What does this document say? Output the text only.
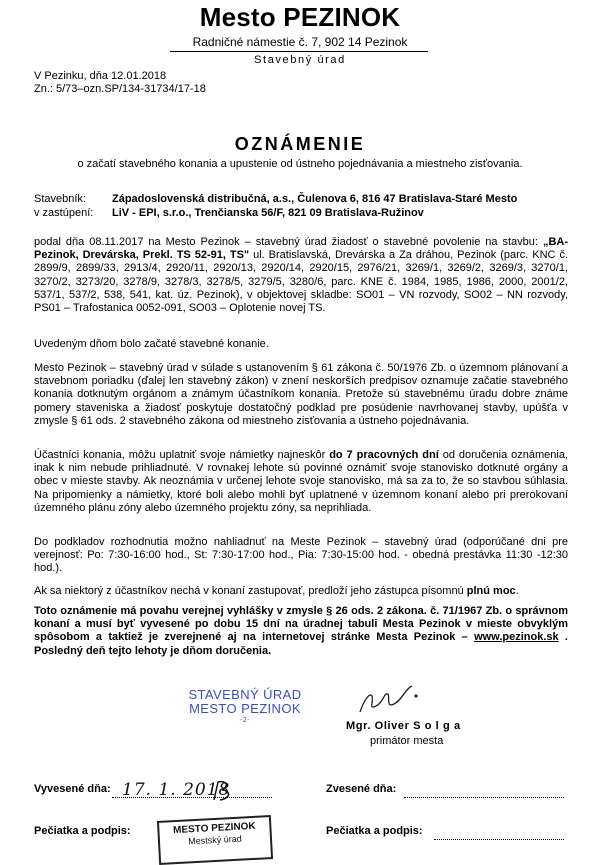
Mesto PEZINOK
Radničné námestie č. 7, 902 14 Pezinok
Stavebný úrad
V Pezinku, dňa 12.01.2018
Zn.: 5/73–ozn.SP/134-31734/17-18
OZNÁMENIE
o začatí stavebného konania a upustenie od ústneho pojednávania a miestneho zisťovania.
Stavebník: Západoslovenská distribučná, a.s., Čulenova 6, 816 47 Bratislava-Staré Mesto
v zastúpení: LiV - EPI, s.r.o., Trenčianska 56/F, 821 09 Bratislava-Ružinov

podal dňa 08.11.2017 na Mesto Pezinok – stavebný úrad žiadosť o stavebné povolenie na stavbu: „BA-Pezinok, Drevárska, Prekl. TS 52-91, TS" ul. Bratislavská, Drevárska a Za dráhou, Pezinok (parc. KNC č. 2899/9, 2899/33, 2913/4, 2920/11, 2920/13, 2920/14, 2920/15, 2976/21, 3269/1, 3269/2, 3269/3, 3270/1, 3270/2, 3273/20, 3278/9, 3278/3, 3278/5, 3279/5, 3280/6, parc. KNE č. 1984, 1985, 1986, 2000, 2001/2, 537/1, 537/2, 538, 541, kat. úz. Pezinok), v objektovej skladbe: SO01 – VN rozvody, SO02 – NN rozvody, PS01 – Trafostanica 0052-091, SO03 – Oplotenie novej TS.

Uvedeným dňom bolo začaté stavebné konanie.

Mesto Pezinok – stavebný úrad v súlade s ustanovením § 61 zákona č. 50/1976 Zb. o územnom plánovaní a stavebnom poriadku (ďalej len stavebný zákon) v znení neskorších predpisov oznamuje začatie stavebného konania dotknutým orgánom a známym účastníkom konania. Pretože sú stavebnému úradu dobre známe pomery staveniska a žiadosť poskytuje dostatočný podklad pre posúdenie navrhovanej stavby, upúšťa v zmysle § 61 ods. 2 stavebného zákona od miestneho zisťovania a ústneho pojednávania.

Účastníci konania, môžu uplatniť svoje námietky najneskôr do 7 pracovných dní od doručenia oznámenia, inak k nim nebude prihliadnuté. V rovnakej lehote sú povinné oznámiť svoje stanovisko dotknuté orgány a obec v mieste stavby. Ak neoznámia v určenej lehote svoje stanovisko, má sa za to, že so stavbou súhlasia. Na pripomienky a námietky, ktoré boli alebo mohli byť uplatnené v územnom konaní alebo pri prerokovaní územného plánu zóny alebo územného projektu zóny, sa neprihliada.

Do podkladov rozhodnutia možno nahliadnuť na Meste Pezinok – stavebný úrad (odporúčané dni pre verejnosť: Po: 7:30-16:00 hod., St: 7:30-17:00 hod., Pia: 7:30-15:00 hod. - obedná prestávka 11:30 -12:30 hod.).

Ak sa niektorý z účastníkov nechá v konaní zastupovať, predloží jeho zástupca písomnú plnú moc.

Toto oznámenie má povahu verejnej vyhlášky v zmysle § 26 ods. 2 zákona. č. 71/1967 Zb. o správnom konaní a musí byť vyvesené po dobu 15 dní na úradnej tabuli Mesta Pezinok v mieste obvyklým spôsobom a taktiež je zverejnené aj na internetovej stránke Mesta Pezinok – www.pezinok.sk . Posledný deň tejto lehoty je dňom doručenia.

STAVEBNÝ ÚRAD
MESTO PEZINOK
-2-	Mgr. Oliver S o l g a
primátor mesta
Vyvesené dňa: 17. 1. 2018	Zvesené dňa:
Pečiatka a podpis:	Pečiatka a podpis:
MESTO PEZINOK
Mestský úrad
